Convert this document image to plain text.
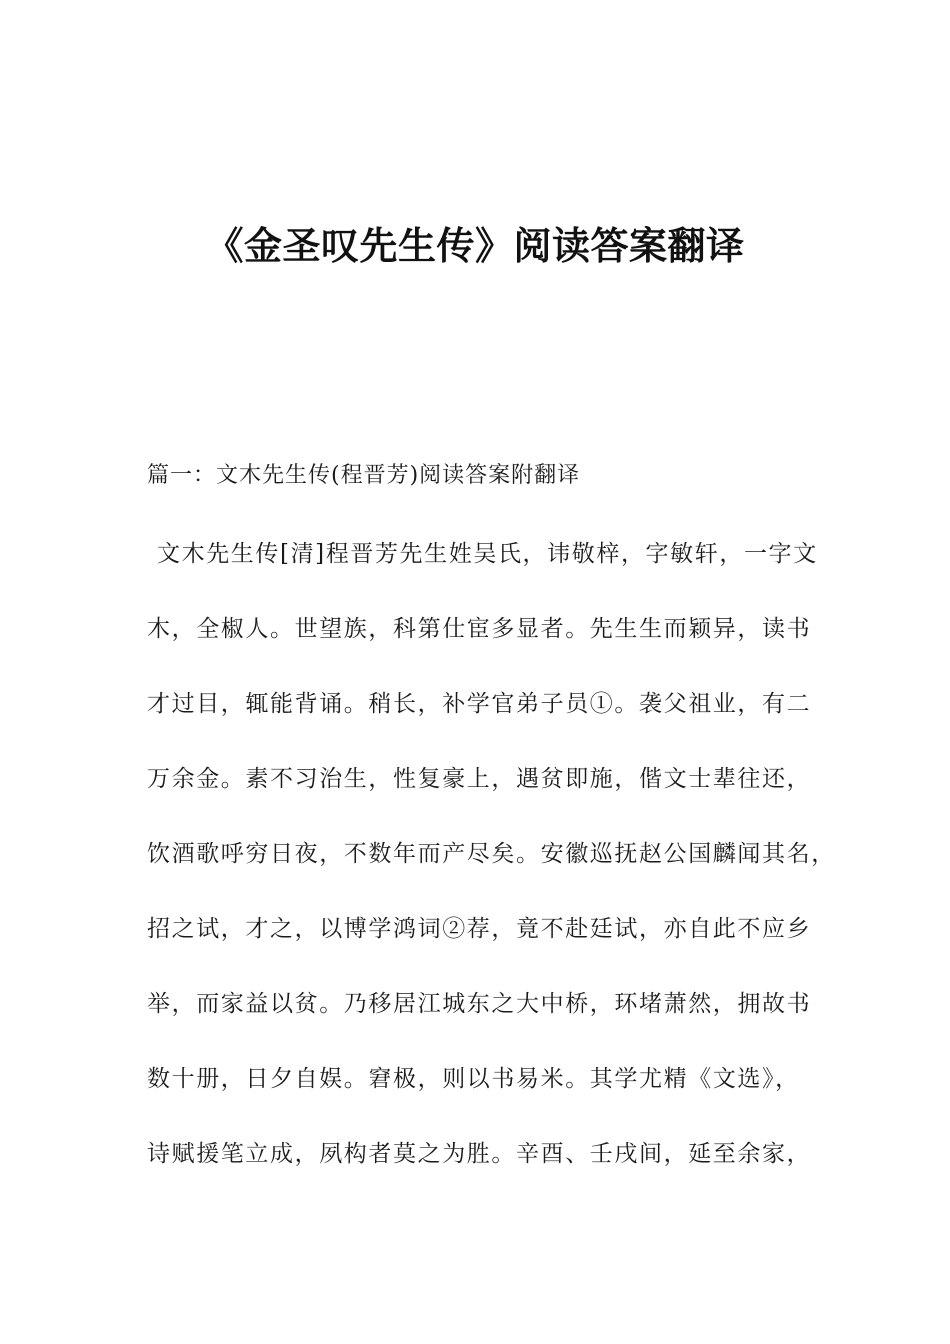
《金圣叹先生传》阅读答案翻译

篇一：文木先生传(程晋芳)阅读答案附翻译

文木先生传[清]程晋芳先生姓吴氏，讳敬梓，字敏轩，一字文
木，全椒人。世望族，科第仕宦多显者。先生生而颖异，读书
才过目，辄能背诵。稍长，补学官弟子员①。袭父祖业，有二
万余金。素不习治生，性复豪上，遇贫即施，偕文士辈往还，
饮酒歌呼穷日夜，不数年而产尽矣。安徽巡抚赵公国麟闻其名，
招之试，才之，以博学鸿词②荐，竟不赴廷试，亦自此不应乡
举，而家益以贫。乃移居江城东之大中桥，环堵萧然，拥故书
数十册，日夕自娱。窘极，则以书易米。其学尤精《文选》，
诗赋援笔立成，夙构者莫之为胜。辛酉、壬戌间，延至余家，
